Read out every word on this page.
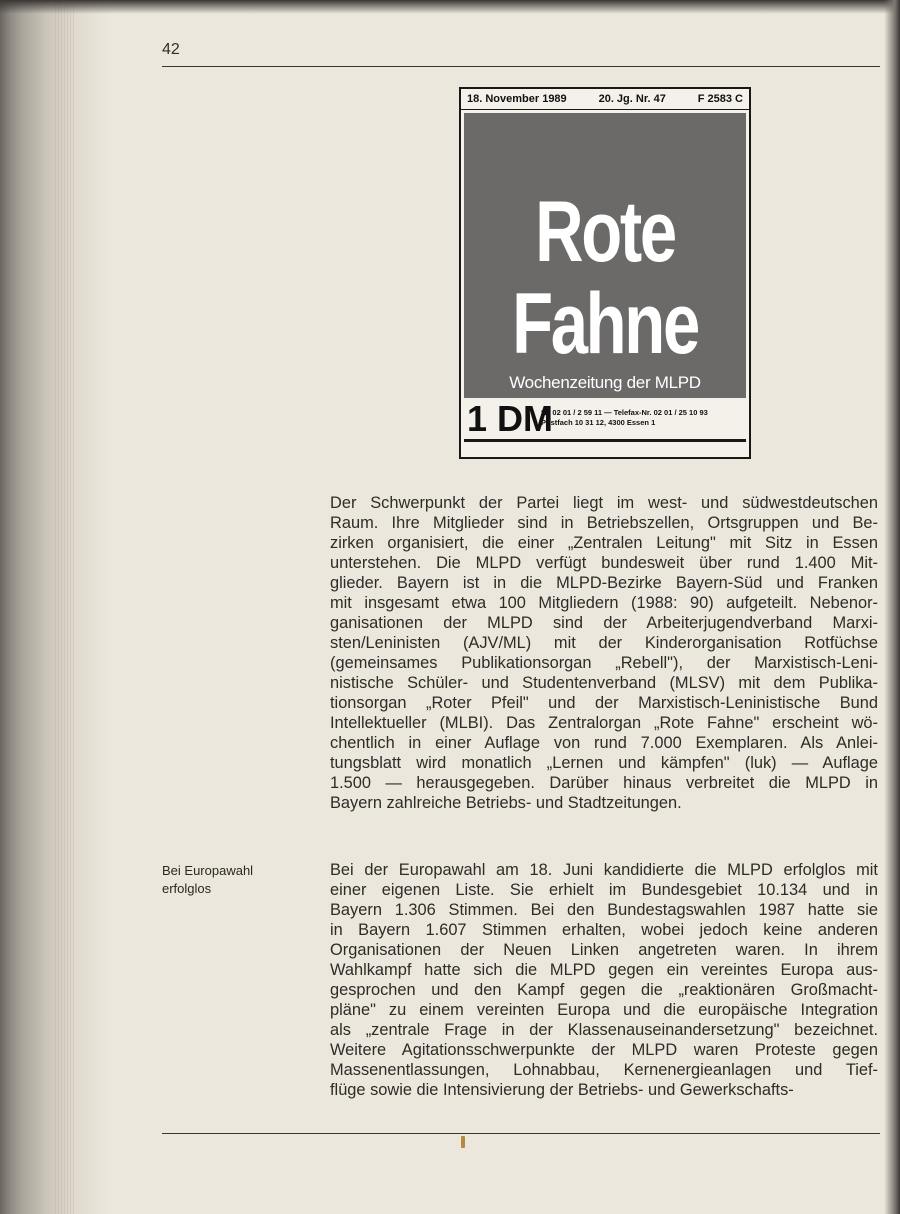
42
18. November 1989	20. Jg. Nr. 47	F 2583 C
Rote
Fahne
Wochenzeitung der MLPD
1 DM
☎ 02 01 / 2 59 11 — Telefax-Nr. 02 01 / 25 10 93
Postfach 10 31 12, 4300 Essen 1
Der Schwerpunkt der Partei liegt im west- und südwestdeutschen
Raum. Ihre Mitglieder sind in Betriebszellen, Ortsgruppen und Be-
zirken organisiert, die einer „Zentralen Leitung" mit Sitz in Essen
unterstehen. Die MLPD verfügt bundesweit über rund 1.400 Mit-
glieder. Bayern ist in die MLPD-Bezirke Bayern-Süd und Franken
mit insgesamt etwa 100 Mitgliedern (1988: 90) aufgeteilt. Nebenor-
ganisationen der MLPD sind der Arbeiterjugendverband Marxi-
sten/Leninisten (AJV/ML) mit der Kinderorganisation Rotfüchse
(gemeinsames Publikationsorgan „Rebell"), der Marxistisch-Leni-
nistische Schüler- und Studentenverband (MLSV) mit dem Publika-
tionsorgan „Roter Pfeil" und der Marxistisch-Leninistische Bund
Intellektueller (MLBI). Das Zentralorgan „Rote Fahne" erscheint wö-
chentlich in einer Auflage von rund 7.000 Exemplaren. Als Anlei-
tungsblatt wird monatlich „Lernen und kämpfen" (luk) — Auflage
1.500 — herausgegeben. Darüber hinaus verbreitet die MLPD in
Bayern zahlreiche Betriebs- und Stadtzeitungen.
Bei Europawahl
erfolglos
Bei der Europawahl am 18. Juni kandidierte die MLPD erfolglos mit
einer eigenen Liste. Sie erhielt im Bundesgebiet 10.134 und in
Bayern 1.306 Stimmen. Bei den Bundestagswahlen 1987 hatte sie
in Bayern 1.607 Stimmen erhalten, wobei jedoch keine anderen
Organisationen der Neuen Linken angetreten waren. In ihrem
Wahlkampf hatte sich die MLPD gegen ein vereintes Europa aus-
gesprochen und den Kampf gegen die „reaktionären Großmacht-
pläne" zu einem vereinten Europa und die europäische Integration
als „zentrale Frage in der Klassenauseinandersetzung" bezeichnet.
Weitere Agitationsschwerpunkte der MLPD waren Proteste gegen
Massenentlassungen, Lohnabbau, Kernenergieanlagen und Tief-
flüge sowie die Intensivierung der Betriebs- und Gewerkschafts-
